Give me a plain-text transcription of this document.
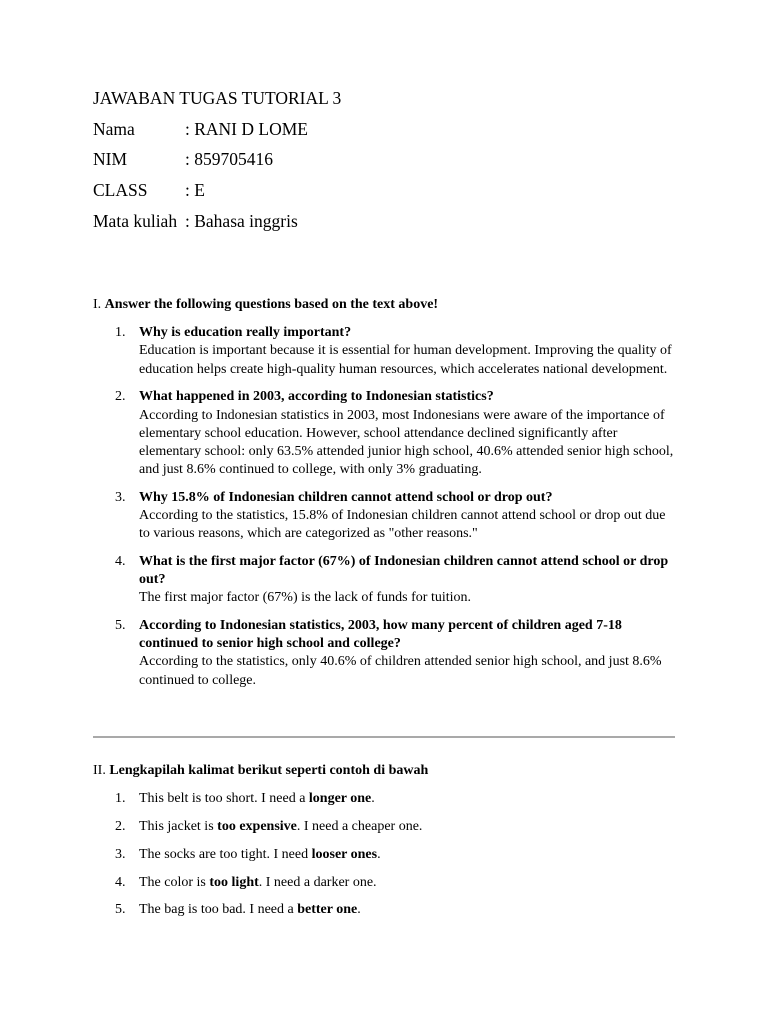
JAWABAN TUGAS TUTORIAL 3
Nama	: RANI D LOME
NIM	: 859705416
CLASS : E
Mata kuliah : Bahasa inggris
I. Answer the following questions based on the text above!
1. Why is education really important?
Education is important because it is essential for human development. Improving the quality of education helps create high-quality human resources, which accelerates national development.
2. What happened in 2003, according to Indonesian statistics?
According to Indonesian statistics in 2003, most Indonesians were aware of the importance of elementary school education. However, school attendance declined significantly after elementary school: only 63.5% attended junior high school, 40.6% attended senior high school, and just 8.6% continued to college, with only 3% graduating.
3. Why 15.8% of Indonesian children cannot attend school or drop out?
According to the statistics, 15.8% of Indonesian children cannot attend school or drop out due to various reasons, which are categorized as "other reasons."
4. What is the first major factor (67%) of Indonesian children cannot attend school or drop out?
The first major factor (67%) is the lack of funds for tuition.
5. According to Indonesian statistics, 2003, how many percent of children aged 7-18 continued to senior high school and college?
According to the statistics, only 40.6% of children attended senior high school, and just 8.6% continued to college.
II. Lengkapilah kalimat berikut seperti contoh di bawah
1. This belt is too short. I need a longer one.
2. This jacket is too expensive. I need a cheaper one.
3. The socks are too tight. I need looser ones.
4. The color is too light. I need a darker one.
5. The bag is too bad. I need a better one.
